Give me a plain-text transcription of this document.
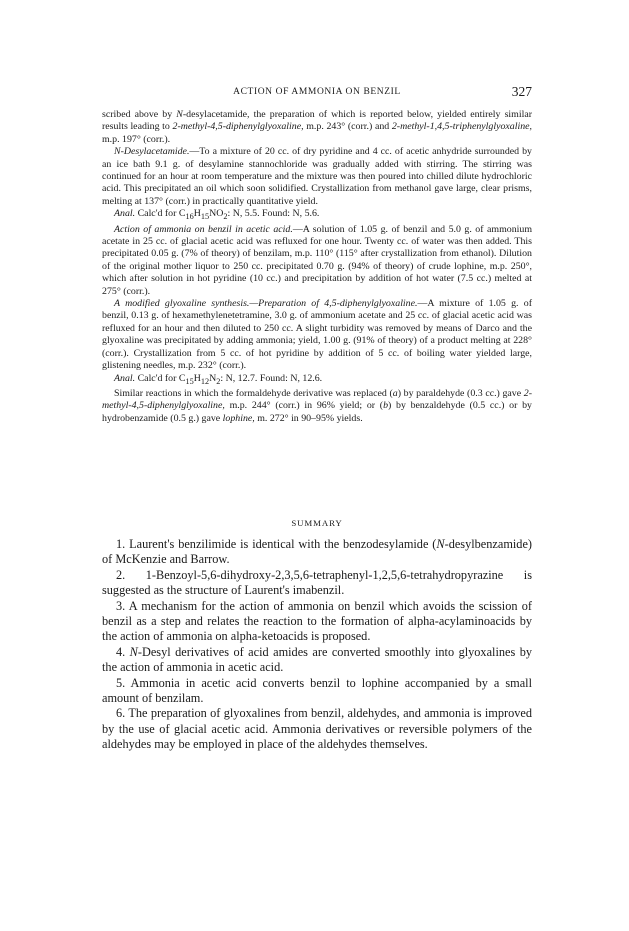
ACTION OF AMMONIA ON BENZIL	327

scribed above by N-desylacetamide, the preparation of which is reported below, yielded entirely similar results leading to 2-methyl-4,5-diphenylglyoxaline, m.p. 243° (corr.) and 2-methyl-1,4,5-triphenylglyoxaline, m.p. 197° (corr.).

N-Desylacetamide.—To a mixture of 20 cc. of dry pyridine and 4 cc. of acetic anhydride surrounded by an ice bath 9.1 g. of desylamine stannochloride was gradually added with stirring. The stirring was continued for an hour at room temperature and the mixture was then poured into chilled dilute hydrochloric acid. This precipitated an oil which soon solidified. Crystallization from methanol gave large, clear prisms, melting at 137° (corr.) in practically quantitative yield.

Anal. Calc'd for $C_{16}H_{15}NO_2$: N, 5.5. Found: N, 5.6.

Action of ammonia on benzil in acetic acid.—A solution of 1.05 g. of benzil and 5.0 g. of ammonium acetate in 25 cc. of glacial acetic acid was refluxed for one hour. Twenty cc. of water was then added. This precipitated 0.05 g. (7% of theory) of benzilam, m.p. 110° (115° after crystallization from ethanol). Dilution of the original mother liquor to 250 cc. precipitated 0.70 g. (94% of theory) of crude lophine, m.p. 250°, which after solution in hot pyridine (10 cc.) and precipitation by addition of hot water (7.5 cc.) melted at 275° (corr.).

A modified glyoxaline synthesis.—Preparation of 4,5-diphenylglyoxaline.—A mixture of 1.05 g. of benzil, 0.13 g. of hexamethylenetetramine, 3.0 g. of ammonium acetate and 25 cc. of glacial acetic acid was refluxed for an hour and then diluted to 250 cc. A slight turbidity was removed by means of Darco and the glyoxaline was precipitated by adding ammonia; yield, 1.00 g. (91% of theory) of a product melting at 228° (corr.). Crystallization from 5 cc. of hot pyridine by addition of 5 cc. of boiling water yielded large, glistening needles, m.p. 232° (corr.).

Anal. Calc'd for $C_{15}H_{12}N_2$: N, 12.7. Found: N, 12.6.

Similar reactions in which the formaldehyde derivative was replaced (a) by paraldehyde (0.3 cc.) gave 2-methyl-4,5-diphenylglyoxaline, m.p. 244° (corr.) in 96% yield; or (b) by benzaldehyde (0.5 cc.) or by hydrobenzamide (0.5 g.) gave lophine, m. 272° in 90–95% yields.

SUMMARY

1. Laurent's benzilimide is identical with the benzodesylamide (N-desylbenzamide) of McKenzie and Barrow.

2. 1-Benzoyl-5,6-dihydroxy-2,3,5,6-tetraphenyl-1,2,5,6-tetrahydropyrazine is suggested as the structure of Laurent's imabenzil.

3. A mechanism for the action of ammonia on benzil which avoids the scission of benzil as a step and relates the reaction to the formation of alpha-acylaminoacids by the action of ammonia on alpha-ketoacids is proposed.

4. N-Desyl derivatives of acid amides are converted smoothly into glyoxalines by the action of ammonia in acetic acid.

5. Ammonia in acetic acid converts benzil to lophine accompanied by a small amount of benzilam.

6. The preparation of glyoxalines from benzil, aldehydes, and ammonia is improved by the use of glacial acetic acid. Ammonia derivatives or reversible polymers of the aldehydes may be employed in place of the aldehydes themselves.
